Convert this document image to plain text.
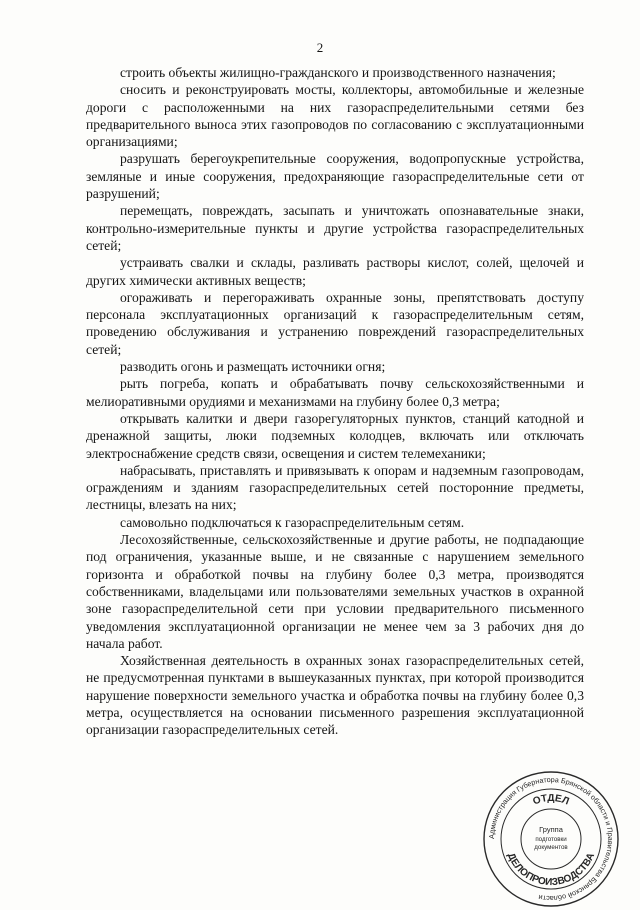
2

строить объекты жилищно-гражданского и производственного назначения;

сносить и реконструировать мосты, коллекторы, автомобильные и железные дороги с расположенными на них газораспределительными сетями без предварительного выноса этих газопроводов по согласованию с эксплуатационными организациями;

разрушать берегоукрепительные сооружения, водопропускные устройства, земляные и иные сооружения, предохраняющие газораспределительные сети от разрушений;

перемещать, повреждать, засыпать и уничтожать опознавательные знаки, контрольно-измерительные пункты и другие устройства газораспределительных сетей;

устраивать свалки и склады, разливать растворы кислот, солей, щелочей и других химически активных веществ;

огораживать и перегораживать охранные зоны, препятствовать доступу персонала эксплуатационных организаций к газораспределительным сетям, проведению обслуживания и устранению повреждений газораспределительных сетей;

разводить огонь и размещать источники огня;

рыть погреба, копать и обрабатывать почву сельскохозяйственными и мелиоративными орудиями и механизмами на глубину более 0,3 метра;

открывать калитки и двери газорегуляторных пунктов, станций катодной и дренажной защиты, люки подземных колодцев, включать или отключать электроснабжение средств связи, освещения и систем телемеханики;

набрасывать, приставлять и привязывать к опорам и надземным газопроводам, ограждениям и зданиям газораспределительных сетей посторонние предметы, лестницы, влезать на них;

самовольно подключаться к газораспределительным сетям.

Лесохозяйственные, сельскохозяйственные и другие работы, не подпадающие под ограничения, указанные выше, и не связанные с нарушением земельного горизонта и обработкой почвы на глубину более 0,3 метра, производятся собственниками, владельцами или пользователями земельных участков в охранной зоне газораспределительной сети при условии предварительного письменного уведомления эксплуатационной организации не менее чем за 3 рабочих дня до начала работ.

Хозяйственная деятельность в охранных зонах газораспределительных сетей, не предусмотренная пунктами в вышеуказанных пунктах, при которой производится нарушение поверхности земельного участка и обработка почвы на глубину более 0,3 метра, осуществляется на основании письменного разрешения эксплуатационной организации газораспределительных сетей.

Администрация Губернатора Брянской области и Правительства Брянской области
ОТДЕЛ
ДЕЛОПРОИЗВОДСТВА
Группа
подготовки
документов
